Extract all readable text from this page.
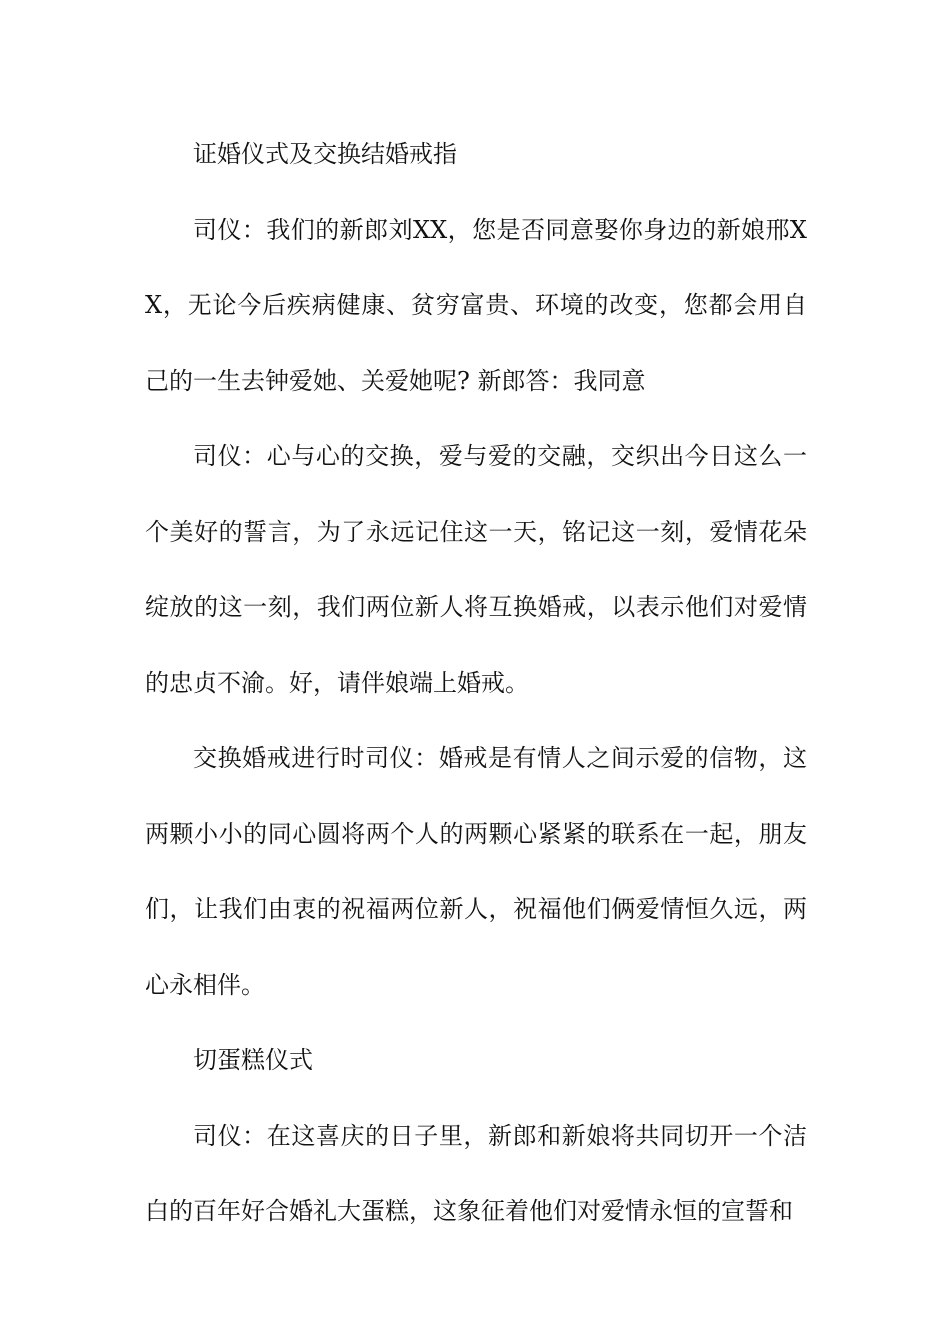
证婚仪式及交换结婚戒指

司仪：我们的新郎刘XX，您是否同意娶你身边的新娘邢XX，无论今后疾病健康、贫穷富贵、环境的改变，您都会用自己的一生去钟爱她、关爱她呢? 新郎答：我同意

司仪：心与心的交换，爱与爱的交融，交织出今日这么一个美好的誓言，为了永远记住这一天，铭记这一刻，爱情花朵绽放的这一刻，我们两位新人将互换婚戒，以表示他们对爱情的忠贞不渝。好，请伴娘端上婚戒。

交换婚戒进行时司仪：婚戒是有情人之间示爱的信物，这两颗小小的同心圆将两个人的两颗心紧紧的联系在一起，朋友们，让我们由衷的祝福两位新人，祝福他们俩爱情恒久远，两心永相伴。

切蛋糕仪式

司仪：在这喜庆的日子里，新郎和新娘将共同切开一个洁白的百年好合婚礼大蛋糕，这象征着他们对爱情永恒的宣誓和
